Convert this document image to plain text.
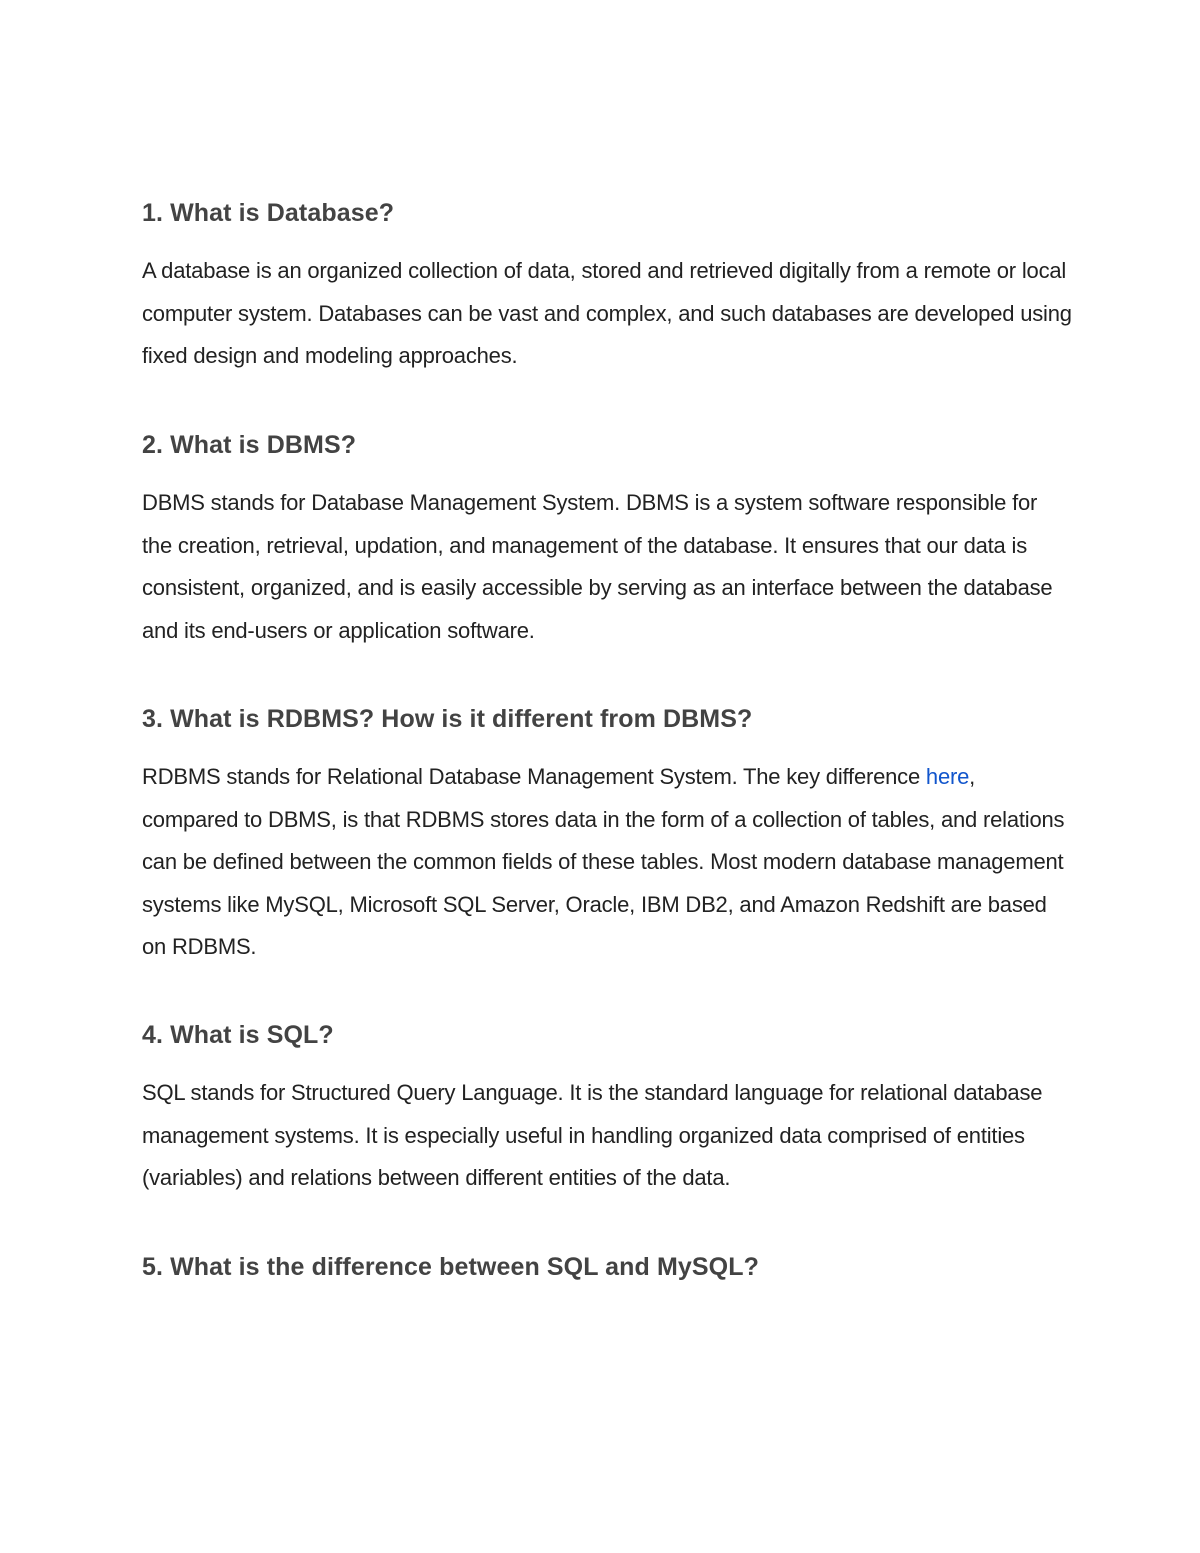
1. What is Database?

A database is an organized collection of data, stored and retrieved digitally from a remote or local computer system. Databases can be vast and complex, and such databases are developed using fixed design and modeling approaches.

2. What is DBMS?

DBMS stands for Database Management System. DBMS is a system software responsible for the creation, retrieval, updation, and management of the database. It ensures that our data is consistent, organized, and is easily accessible by serving as an interface between the database and its end-users or application software.

3. What is RDBMS? How is it different from DBMS?

RDBMS stands for Relational Database Management System. The key difference here, compared to DBMS, is that RDBMS stores data in the form of a collection of tables, and relations can be defined between the common fields of these tables. Most modern database management systems like MySQL, Microsoft SQL Server, Oracle, IBM DB2, and Amazon Redshift are based on RDBMS.

4. What is SQL?

SQL stands for Structured Query Language. It is the standard language for relational database management systems. It is especially useful in handling organized data comprised of entities (variables) and relations between different entities of the data.

5. What is the difference between SQL and MySQL?
